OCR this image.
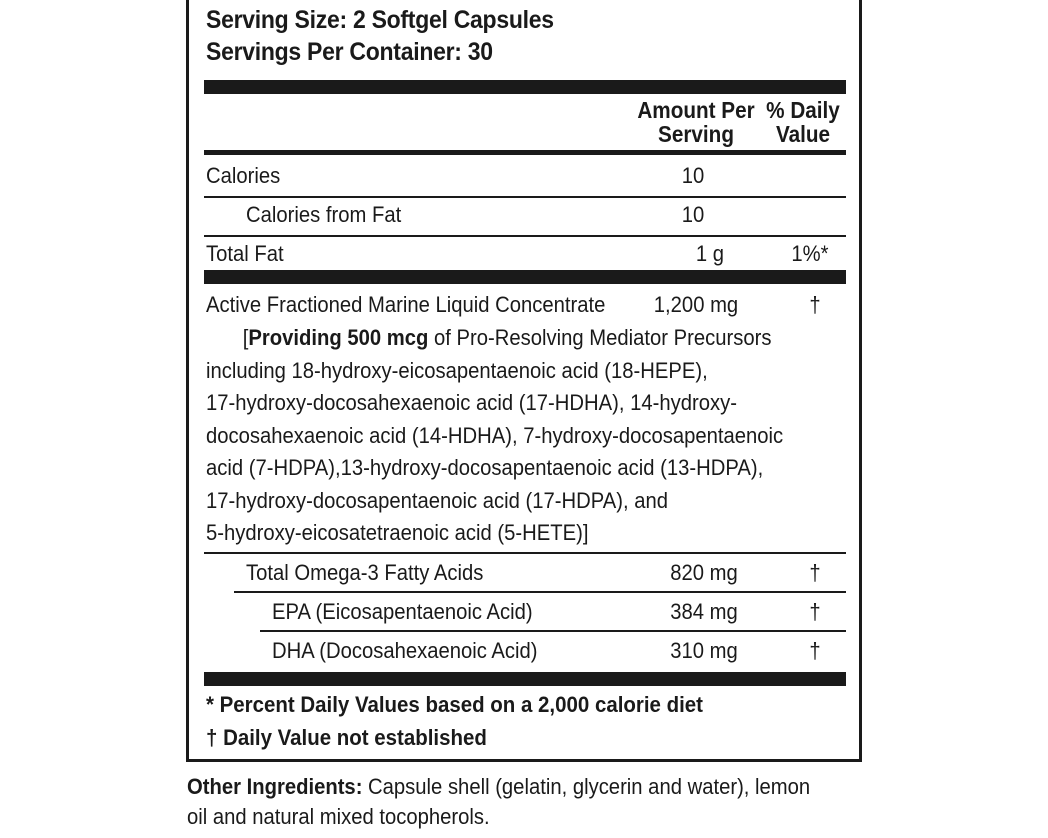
Serving Size: 2 Softgel Capsules
Servings Per Container: 30
Amount Per
Serving
% Daily
Value
Calories	10
Calories from Fat	10
Total Fat	1 g	1%*
Active Fractioned Marine Liquid Concentrate 1,200 mg	†
[Providing 500 mcg of Pro-Resolving Mediator Precursors
including 18-hydroxy-eicosapentaenoic acid (18-HEPE),
17-hydroxy-docosahexaenoic acid (17-HDHA), 14-hydroxy-
docosahexaenoic acid (14-HDHA), 7-hydroxy-docosapentaenoic
acid (7-HDPA),13-hydroxy-docosapentaenoic acid (13-HDPA),
17-hydroxy-docosapentaenoic acid (17-HDPA), and
5-hydroxy-eicosatetraenoic acid (5-HETE)]
Total Omega-3 Fatty Acids	820 mg	†
EPA (Eicosapentaenoic Acid)	384 mg	†
DHA (Docosahexaenoic Acid)	310 mg	†
* Percent Daily Values based on a 2,000 calorie diet
† Daily Value not established
Other Ingredients: Capsule shell (gelatin, glycerin and water), lemon
oil and natural mixed tocopherols.
